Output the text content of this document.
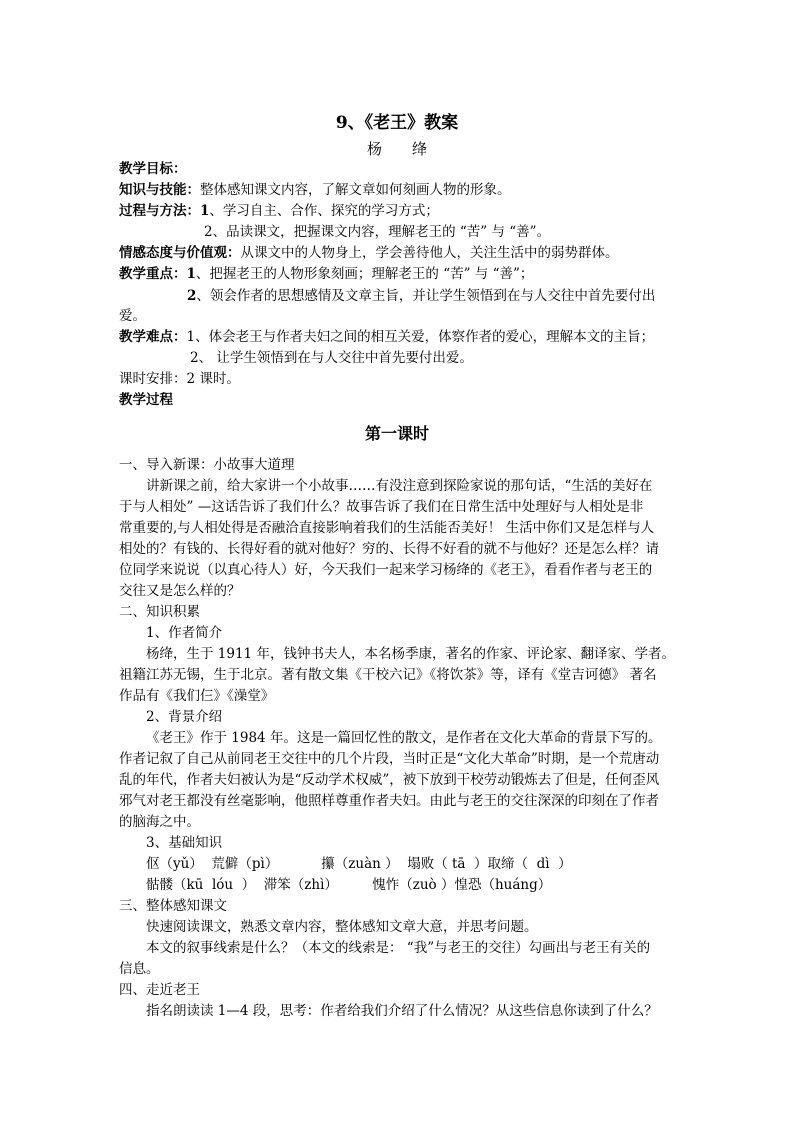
9、《老王》教案
杨　　绛
教学目标：
知识与技能：整体感知课文内容，了解文章如何刻画人物的形象。
过程与方法：1、学习自主、合作、探究的学习方式；
2、品读课文，把握课文内容，理解老王的 “苦” 与 “善”。
情感态度与价值观：从课文中的人物身上，学会善待他人，关注生活中的弱势群体。
教学重点：1、把握老王的人物形象刻画；理解老王的 “苦” 与 “善”；
2、领会作者的思想感情及文章主旨，并让学生领悟到在与人交往中首先要付出
爱。
教学难点：1、体会老王与作者夫妇之间的相互关爱，体察作者的爱心，理解本文的主旨；
2、 让学生领悟到在与人交往中首先要付出爱。
课时安排：2 课时。
教学过程
第一课时
一、导入新课：小故事大道理
讲新课之前，给大家讲一个小故事……有没注意到探险家说的那句话，“生活的美好在
于与人相处” —这话告诉了我们什么？故事告诉了我们在日常生活中处理好与人相处是非
常重要的,与人相处得是否融洽直接影响着我们的生活能否美好！ 生活中你们又是怎样与人
相处的？有钱的、长得好看的就对他好？穷的、长得不好看的就不与他好？还是怎么样？请
位同学来说说（以真心待人）好，今天我们一起来学习杨绛的《老王》，看看作者与老王的
交往又是怎么样的？
二、知识积累
1、作者简介
杨绛，生于 1911 年，钱钟书夫人，本名杨季康，著名的作家、评论家、翻译家、学者。
祖籍江苏无锡，生于北京。著有散文集《干校六记》《将饮茶》等，译有《堂吉诃德》 著名
作品有《我们仨》《澡堂》
2、背景介绍
《老王》作于 1984 年。这是一篇回忆性的散文，是作者在文化大革命的背景下写的。
作者记叙了自己从前同老王交往中的几个片段，当时正是“文化大革命”时期，是一个荒唐动
乱的年代，作者夫妇被认为是“反动学术权威”，被下放到干校劳动锻炼去了但是，任何歪风
邪气对老王都没有丝毫影响，他照样尊重作者夫妇。由此与老王的交往深深的印刻在了作者
的脑海之中。
3、基础知识
伛（yǔ）  荒僻（pì）          攥（zuàn ）  塌败（ tā  ）取缔（  dì  ）
骷髅（kū  lóu  ）  滞笨（zhì）        愧怍（zuò ）惶恐（huáng）
三、整体感知课文
快速阅读课文，熟悉文章内容，整体感知文章大意，并思考问题。
本文的叙事线索是什么？（本文的线索是： “我”与老王的交往）勾画出与老王有关的
信息。
四、走近老王
指名朗读读 1—4 段，思考：作者给我们介绍了什么情况？从这些信息你读到了什么？
